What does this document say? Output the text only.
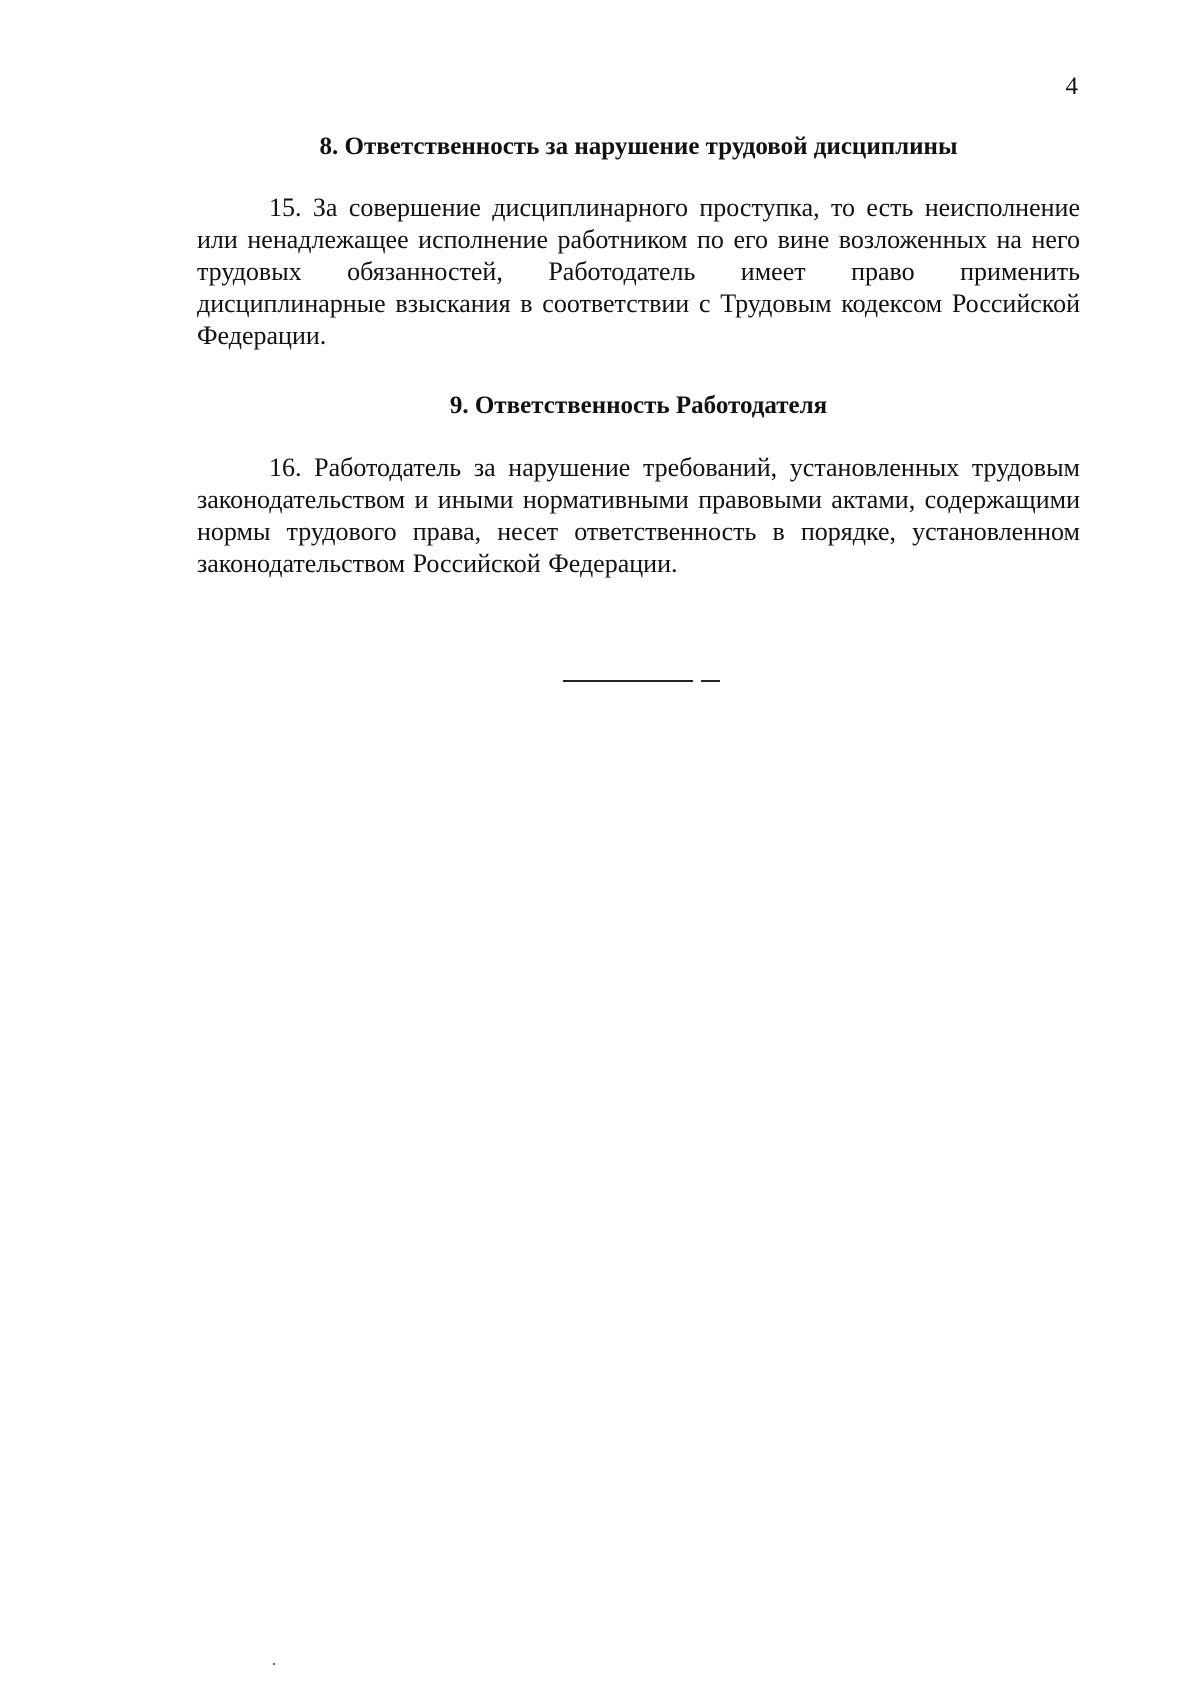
4
8. Ответственность за нарушение трудовой дисциплины

15. За совершение дисциплинарного проступка, то есть неисполнение или ненадлежащее исполнение работником по его вине возложенных на него трудовых обязанностей, Работодатель имеет право применить дисциплинарные взыскания в соответствии с Трудовым кодексом Российской Федерации.

9. Ответственность Работодателя

16. Работодатель за нарушение требований, установленных трудовым законодательством и иными нормативными правовыми актами, содержащими нормы трудового права, несет ответственность в порядке, установленном законодательством Российской Федерации.
